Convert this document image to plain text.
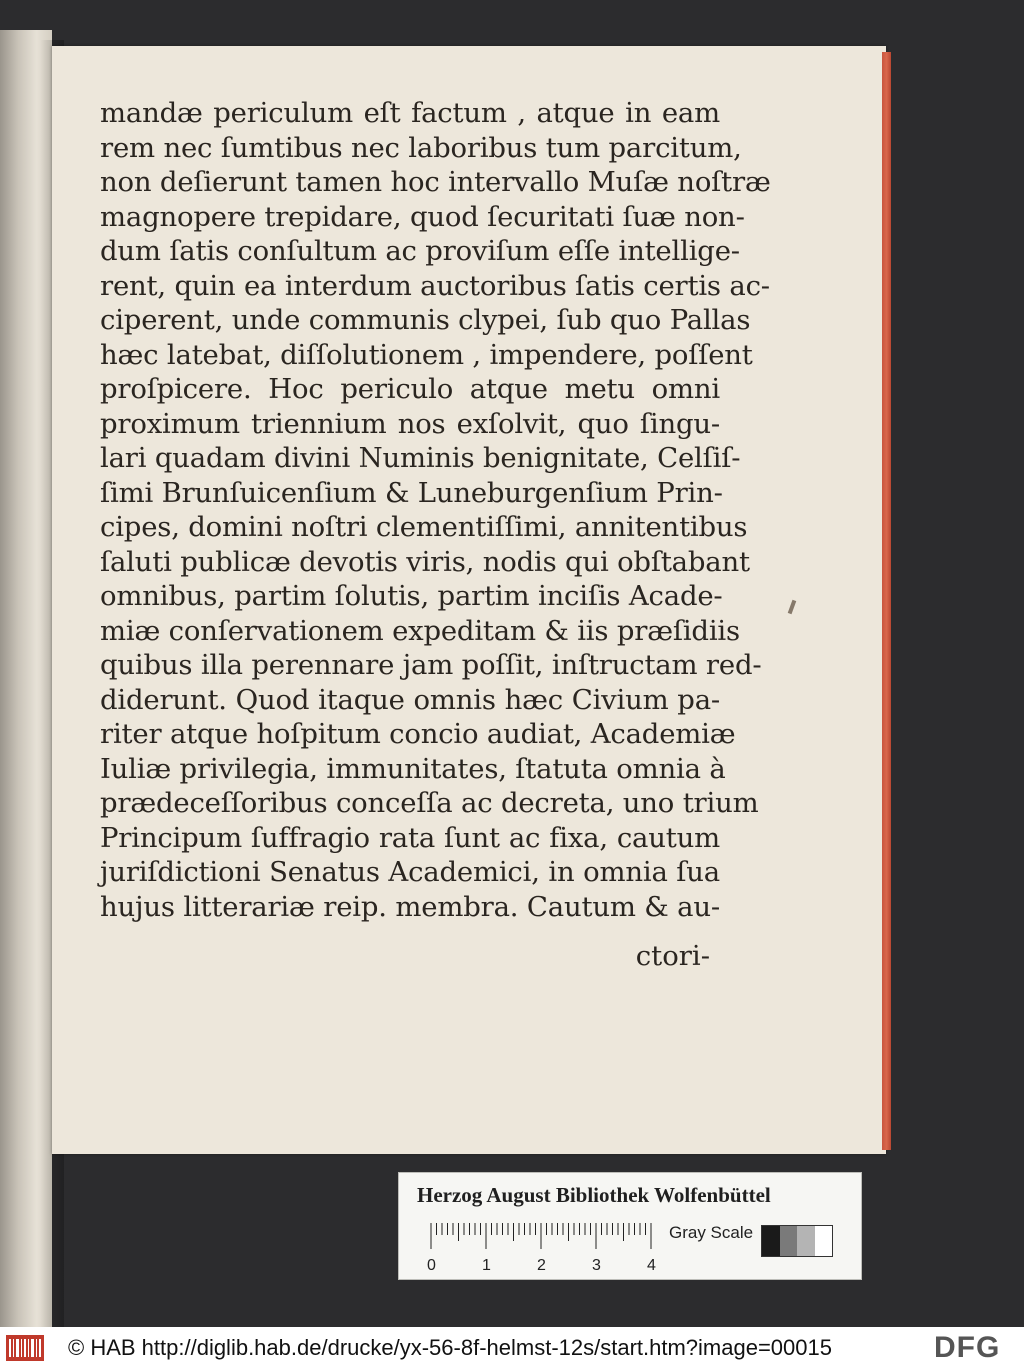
mandæ periculum eſt factum , atque in eam
rem nec ſumtibus nec laboribus tum parcitum,
non deſierunt tamen hoc intervallo Muſæ noſtræ
magnopere trepidare, quod ſecuritati ſuæ non-
dum ſatis conſultum ac proviſum eſſe intellige-
rent, quin ea interdum auctoribus ſatis certis ac-
ciperent, unde communis clypei, ſub quo Pallas
hæc latebat, diſſolutionem , impendere, poſſent
proſpicere. Hoc periculo atque metu omni
proximum triennium nos exſolvit, quo ſingu-
lari quadam divini Numinis benignitate, Celſiſ-
ſimi Brunſuicenſium & Luneburgenſium Prin-
cipes, domini noſtri clementiſſimi, annitentibus
ſaluti publicæ devotis viris, nodis qui obſtabant
omnibus, partim ſolutis, partim inciſis Acade-
miæ conſervationem expeditam & iis præſidiis
quibus illa perennare jam poſſit, inſtructam red-
diderunt. Quod itaque omnis hæc Civium pa-
riter atque hoſpitum concio audiat, Academiæ
Iuliæ privilegia, immunitates, ſtatuta omnia à
prædeceſſoribus conceſſa ac decreta, uno trium
Principum ſuffragio rata ſunt ac fixa, cautum
juriſdictioni Senatus Academici, in omnia ſua
hujus litterariæ reip. membra. Cautum & au-
ctori-
Herzog August Bibliothek Wolfenbüttel
Gray Scale
0	1	2	3	4
© HAB http://diglib.hab.de/drucke/yx-56-8f-helmst-12s/start.htm?image=00015	DFG
